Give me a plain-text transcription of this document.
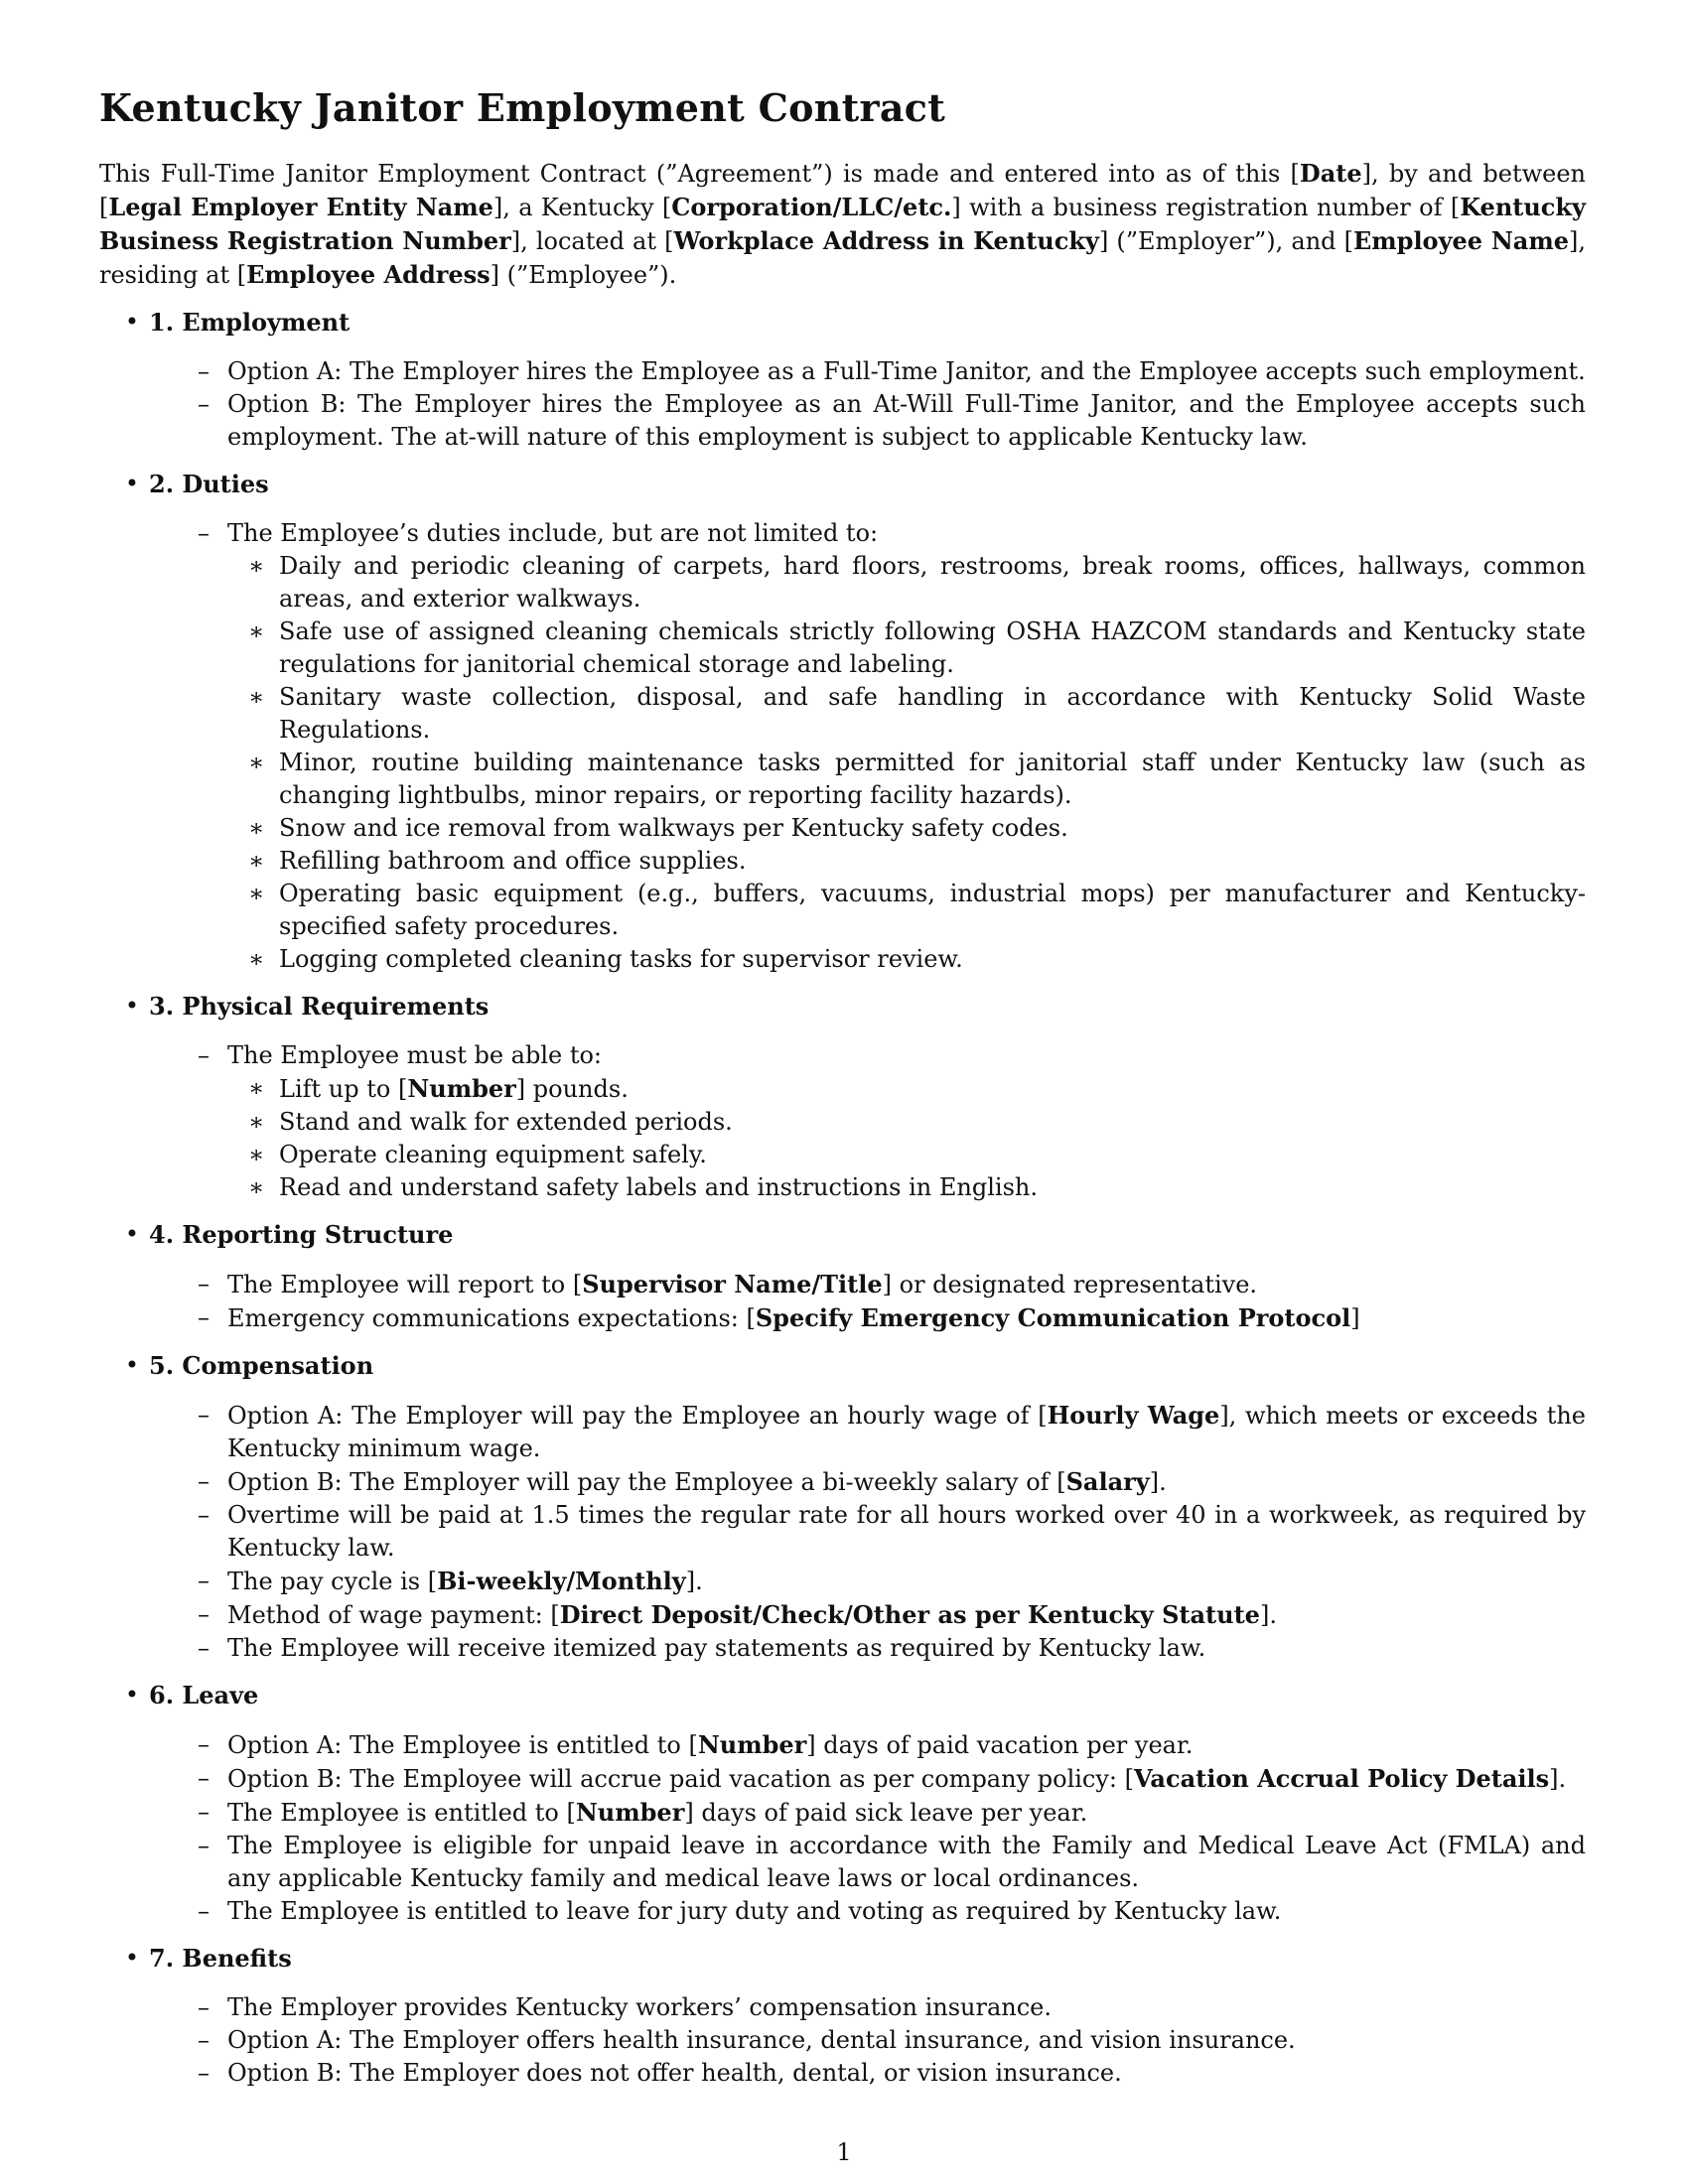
Kentucky Janitor Employment Contract

This Full-Time Janitor Employment Contract (”Agreement”) is made and entered into as of this [Date], by and between [Legal Employer Entity Name], a Kentucky [Corporation/LLC/etc.] with a business registration number of [Kentucky Business Registration Number], located at [Workplace Address in Kentucky] (”Employer”), and [Employee Name], residing at [Employee Address] (”Employee”).

• 1. Employment
– Option A: The Employer hires the Employee as a Full-Time Janitor, and the Employee accepts such employment.
– Option B: The Employer hires the Employee as an At-Will Full-Time Janitor, and the Employee accepts such employment. The at-will nature of this employment is subject to applicable Kentucky law.
• 2. Duties
– The Employee’s duties include, but are not limited to:
∗ Daily and periodic cleaning of carpets, hard floors, restrooms, break rooms, offices, hallways, common areas, and exterior walkways.
∗ Safe use of assigned cleaning chemicals strictly following OSHA HAZCOM standards and Kentucky state regulations for janitorial chemical storage and labeling.
∗ Sanitary waste collection, disposal, and safe handling in accordance with Kentucky Solid Waste Regulations.
∗ Minor, routine building maintenance tasks permitted for janitorial staff under Kentucky law (such as changing lightbulbs, minor repairs, or reporting facility hazards).
∗ Snow and ice removal from walkways per Kentucky safety codes.
∗ Refilling bathroom and office supplies.
∗ Operating basic equipment (e.g., buffers, vacuums, industrial mops) per manufacturer and Kentucky-specified safety procedures.
∗ Logging completed cleaning tasks for supervisor review.
• 3. Physical Requirements
– The Employee must be able to:
∗ Lift up to [Number] pounds.
∗ Stand and walk for extended periods.
∗ Operate cleaning equipment safely.
∗ Read and understand safety labels and instructions in English.
• 4. Reporting Structure
– The Employee will report to [Supervisor Name/Title] or designated representative.
– Emergency communications expectations: [Specify Emergency Communication Protocol]
• 5. Compensation
– Option A: The Employer will pay the Employee an hourly wage of [Hourly Wage], which meets or exceeds the Kentucky minimum wage.
– Option B: The Employer will pay the Employee a bi-weekly salary of [Salary].
– Overtime will be paid at 1.5 times the regular rate for all hours worked over 40 in a workweek, as required by Kentucky law.
– The pay cycle is [Bi-weekly/Monthly].
– Method of wage payment: [Direct Deposit/Check/Other as per Kentucky Statute].
– The Employee will receive itemized pay statements as required by Kentucky law.
• 6. Leave
– Option A: The Employee is entitled to [Number] days of paid vacation per year.
– Option B: The Employee will accrue paid vacation as per company policy: [Vacation Accrual Policy Details].
– The Employee is entitled to [Number] days of paid sick leave per year.
– The Employee is eligible for unpaid leave in accordance with the Family and Medical Leave Act (FMLA) and any applicable Kentucky family and medical leave laws or local ordinances.
– The Employee is entitled to leave for jury duty and voting as required by Kentucky law.
• 7. Benefits
– The Employer provides Kentucky workers’ compensation insurance.
– Option A: The Employer offers health insurance, dental insurance, and vision insurance.
– Option B: The Employer does not offer health, dental, or vision insurance.
1
